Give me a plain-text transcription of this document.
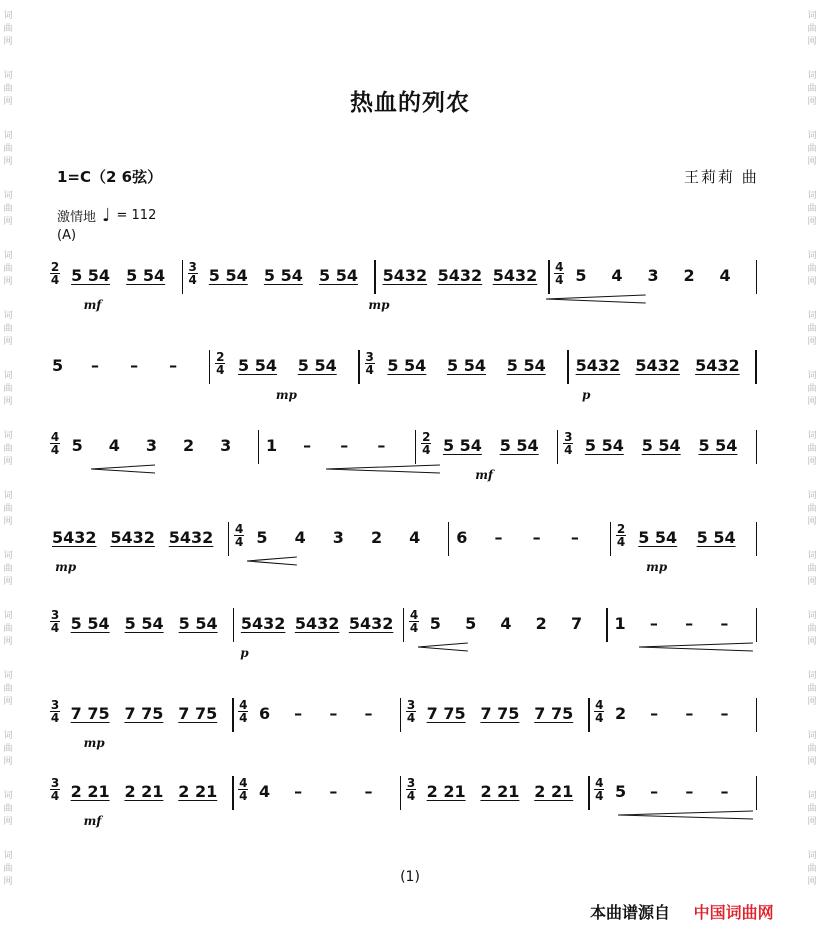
词
曲
网
词
曲
网
词
曲
网
词
曲
网
词
曲
网
词
曲
网
词
曲
网
词
曲
网
词
曲
网
词
曲
网
词
曲
网
词
曲
网
词
曲
网
词
曲
网
词
曲
网
词
曲
网
词
曲
网
词
曲
网
词
曲
网
词
曲
网
词
曲
网
词
曲
网
词
曲
网
词
曲
网
词
曲
网
词
曲
网
词
曲
网
词
曲
网
词
曲
网
词
曲
网
热血的列农
1=C（2 6弦）	王莉莉 曲
激情地 ♩ = 112
(A)
$\frac{2}{4} 5$ 54 5 $54 \frac{3}{4} 5$ 54 5 54 5 54 5432 5432 $5432 \frac{4}{4} 5$ 4 3 2 4
mf	mp
5 – – –	$\frac{2}{4} 5$ 54 5 $54 \frac{3}{4} 5$ 54 5 54 5 54 5432 5432 5432
mp	p
$\frac{4}{4} 5$ 4 3 2 3 1 – – –	$\frac{2}{4} 5$ 54 5 $54 \frac{3}{4} 5$ 54 5 54 5 54
mf
5432 5432 $5432 \frac{4}{4} 5$ 4 3 2 4 6 – – –	$\frac{2}{4} 5$ 54 5 54
mp	mp
$\frac{3}{4} 5$ 54 5 54 5 54 5432 5432 $5432 \frac{4}{4} 5$ 5 4 2 7 1 – – –
p
$\frac{3}{4} 7$ 75 7 75 7 $75 \frac{4}{4} 6$ – – –	$\frac{3}{4} 7$ 75 7 75 7 $75 \frac{4}{4} 2$ – – –
mp
$\frac{3}{4} 2$ 21 2 21 2 $21 \frac{4}{4} 4$ – – –	$\frac{3}{4} 2$ 21 2 21 2 $21 \frac{4}{4} 5$ – – –
mf
(1)
本曲谱源自 中国词曲网
